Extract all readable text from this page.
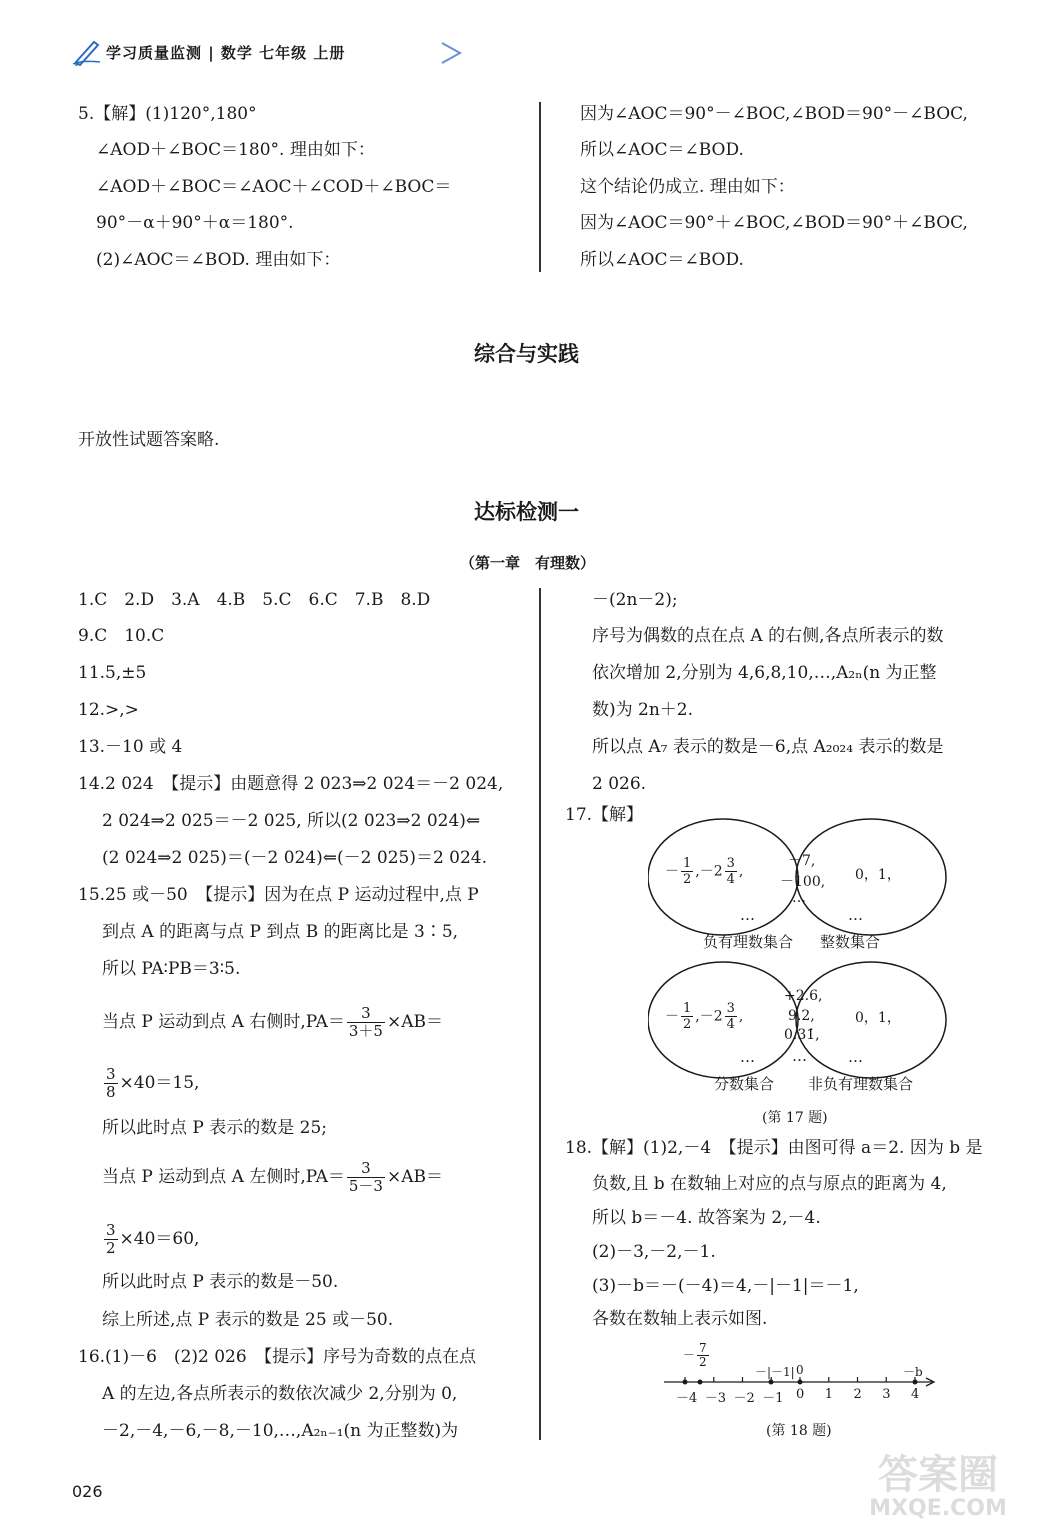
学习质量监测 | 数学 七年级 上册
5.【解】(1)120°,180°
∠AOD＋∠BOC＝180°. 理由如下：
∠AOD＋∠BOC＝∠AOC＋∠COD＋∠BOC＝
90°－α＋90°＋α＝180°.
(2)∠AOC＝∠BOD. 理由如下：
因为∠AOC＝90°－∠BOC,∠BOD＝90°－∠BOC,
所以∠AOC＝∠BOD.
这个结论仍成立. 理由如下：
因为∠AOC＝90°＋∠BOC,∠BOD＝90°＋∠BOC,
所以∠AOC＝∠BOD.
综合与实践
开放性试题答案略.
达标检测一
（第一章　有理数）
1.C　2.D　3.A　4.B　5.C　6.C　7.B　8.D
9.C　10.C
11.5,±5
12.>,>
13.－10 或 4
14.2 024　【提示】由题意得 2 023⇒2 024＝－2 024,
2 024⇒2 025＝－2 025, 所以(2 023⇒2 024)⇐
(2 024⇒2 025)＝(－2 024)⇐(－2 025)＝2 024.
15.25 或－50　【提示】因为在点 P 运动过程中,点 P
到点 A 的距离与点 P 到点 B 的距离比是 3∶5,
所以 PA∶PB＝3∶5.
当点 P 运动到点 A 右侧时$,PA= \frac{3}{3+5} \times AB=$
$\frac{3}{8} \times 40=15$,
所以此时点 P 表示的数是 25;
当点 P 运动到点 A 左侧时$,PA= \frac{3}{5-3} \times AB=$
$\frac{3}{2} \times 40=60$,
所以此时点 P 表示的数是－50.
综上所述,点 P 表示的数是 25 或－50.
16.(1)－6　(2)2 026　【提示】序号为奇数的点在点
A 的左边,各点所表示的数依次减少 2,分别为 0,
－2,－4,－6,－8,－10,…,A₂ₙ₋₁(n 为正整数)为
－(2n－2);
序号为偶数的点在点 A 的右侧,各点所表示的数
依次增加 2,分别为 4,6,8,10,…,A₂ₙ(n 为正整
数)为 2n＋2.
所以点 A₇ 表示的数是－6,点 A₂₀₂₄ 表示的数是
2 026.
17.【解】
－ $\frac{1}{2} ,-2 \frac{3}{4}$ ,
…
－7,
－100,
…
0，1，
…
负有理数集合 整数集合
－ $\frac{1}{2} ,-2 \frac{3}{4}$ ,
…
+2.6,
9.2,
0.31̇,
…
0，1，
…
分数集合 非负有理数集合
(第 17 题)
18.【解】(1)2,－4　【提示】由图可得 a＝2. 因为 b 是
负数,且 b 在数轴上对应的点与原点的距离为 4,
所以 b＝－4. 故答案为 2,－4.
(2)－3,－2,－1.
(3)－b＝－(－4)＝4,－|－1|＝－1,
各数在数轴上表示如图.
－ $\frac{7}{2}$
－|－1| 0	－b
－4 －3 －2 －1 0 1 2 3 4
(第 18 题)
026	答案圈
MXQE.COM
